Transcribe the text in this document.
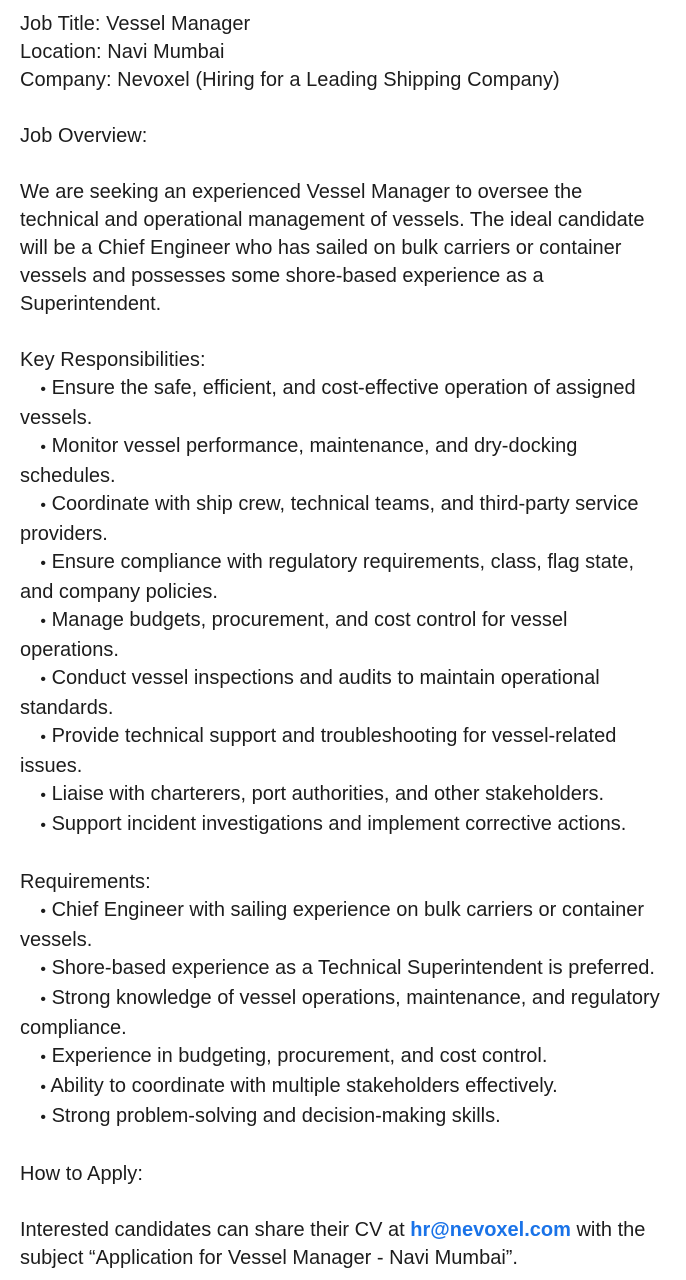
Job Title: Vessel Manager
Location: Navi Mumbai
Company: Nevoxel (Hiring for a Leading Shipping Company)
Job Overview:

We are seeking an experienced Vessel Manager to oversee the technical and operational management of vessels. The ideal candidate will be a Chief Engineer who has sailed on bulk carriers or container vessels and possesses some shore-based experience as a Superintendent.

Key Responsibilities:
• Ensure the safe, efficient, and cost-effective operation of assigned vessels.
• Monitor vessel performance, maintenance, and dry-docking schedules.
• Coordinate with ship crew, technical teams, and third-party service providers.
• Ensure compliance with regulatory requirements, class, flag state, and company policies.
• Manage budgets, procurement, and cost control for vessel operations.
• Conduct vessel inspections and audits to maintain operational standards.
• Provide technical support and troubleshooting for vessel-related issues.
• Liaise with charterers, port authorities, and other stakeholders.
• Support incident investigations and implement corrective actions.
Requirements:
• Chief Engineer with sailing experience on bulk carriers or container vessels.
• Shore-based experience as a Technical Superintendent is preferred.
• Strong knowledge of vessel operations, maintenance, and regulatory compliance.
• Experience in budgeting, procurement, and cost control.
• Ability to coordinate with multiple stakeholders effectively.
• Strong problem-solving and decision-making skills.
How to Apply:

Interested candidates can share their CV at hr@nevoxel.com with the subject “Application for Vessel Manager - Navi Mumbai”.
